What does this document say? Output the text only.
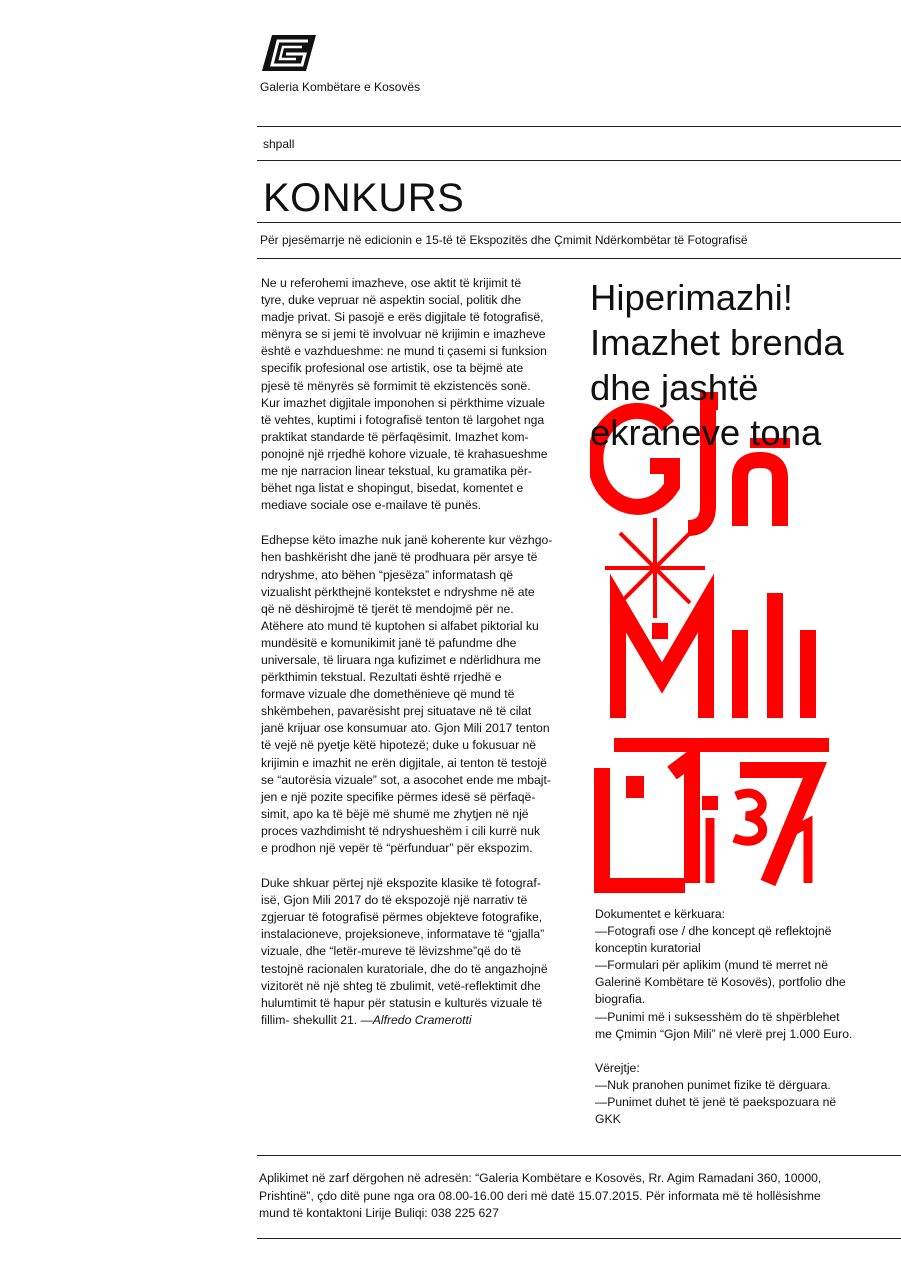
Galeria Kombëtare e Kosovës
shpall
KONKURS
Për pjesëmarrje në edicionin e 15-të të Ekspozitës dhe Çmimit Ndërkombëtar të Fotografisë

Ne u referohemi imazheve, ose aktit të krijimit të
tyre, duke vepruar në aspektin social, politik dhe
madje privat. Si pasojë e erës digjitale të fotografisë,
mënyra se si jemi të involvuar në krijimin e imazheve
është e vazhdueshme: ne mund ti çasemi si funksion
specifik profesional ose artistik, ose ta bëjmë ate
pjesë të mënyrës së formimit të ekzistencës sonë.
Kur imazhet digjitale imponohen si përkthime vizuale
të vehtes, kuptimi i fotografisë tenton të largohet nga
praktikat standarde të përfaqësimit. Imazhet kom-
ponojnë një rrjedhë kohore vizuale, të krahasueshme
me nje narracion linear tekstual, ku gramatika për-
bëhet nga listat e shopingut, bisedat, komentet e
mediave sociale ose e-mailave të punës.

Edhepse këto imazhe nuk janë koherente kur vëzhgo-
hen bashkërisht dhe janë të prodhuara për arsye të
ndryshme, ato bëhen “pjesëza” informatash që
vizualisht përkthejnë kontekstet e ndryshme në ate
që në dëshirojmë të tjerët të mendojmë për ne.
Atëhere ato mund të kuptohen si alfabet piktorial ku
mundësitë e komunikimit janë të pafundme dhe
universale, të liruara nga kufizimet e ndërlidhura me
përkthimin tekstual. Rezultati është rrjedhë e
formave vizuale dhe domethënieve që mund të
shkëmbehen, pavarësisht prej situatave në të cilat
janë krijuar ose konsumuar ato. Gjon Mili 2017 tenton
të vejë në pyetje këtë hipotezë; duke u fokusuar në
krijimin e imazhit ne erën digjitale, ai tenton të testojë
se “autorësia vizuale” sot, a asocohet ende me mbajt-
jen e një pozite specifike përmes idesë së përfaqë-
simit, apo ka të bëjë më shumë me zhytjen në një
proces vazhdimisht të ndryshueshëm i cili kurrë nuk
e prodhon një vepër të “përfunduar” për ekspozim.

Duke shkuar përtej një ekspozite klasike të fotograf-
isë, Gjon Mili 2017 do të ekspozojë një narrativ të
zgjeruar të fotografisë përmes objekteve fotografike,
instalacioneve, projeksioneve, informatave të “gjalla”
vizuale, dhe “letër-mureve të lëvizshme”që do të
testojnë racionalen kuratoriale, dhe do të angazhojnë
vizitorët në një shteg të zbulimit, vetë-reflektimit dhe
hulumtimit të hapur për statusin e kulturës vizuale të
fillim- shekullit 21. —Alfredo Cramerotti

Hiperimazhi!
Imazhet brenda
dhe jashtë
ekraneve tona
Dokumentet e kërkuara:
—Fotografi ose / dhe koncept që reflektojnë
konceptin kuratorial
—Formulari për aplikim (mund të merret në
Galerinë Kombëtare të Kosovës), portfolio dhe
biografia.
—Punimi më i suksesshëm do të shpërblehet
me Çmimin “Gjon Mili” në vlerë prej 1.000 Euro.
Vërejtje:
—Nuk pranohen punimet fizike të dërguara.
—Punimet duhet të jenë të paekspozuara në
GKK
Aplikimet në zarf dërgohen në adresën: “Galeria Kombëtare e Kosovës, Rr. Agim Ramadani 360, 10000,
Prishtinë”, çdo ditë pune nga ora 08.00-16.00 deri më datë 15.07.2015. Për informata më të hollësishme
mund të kontaktoni Lirije Buliqi: 038 225 627
